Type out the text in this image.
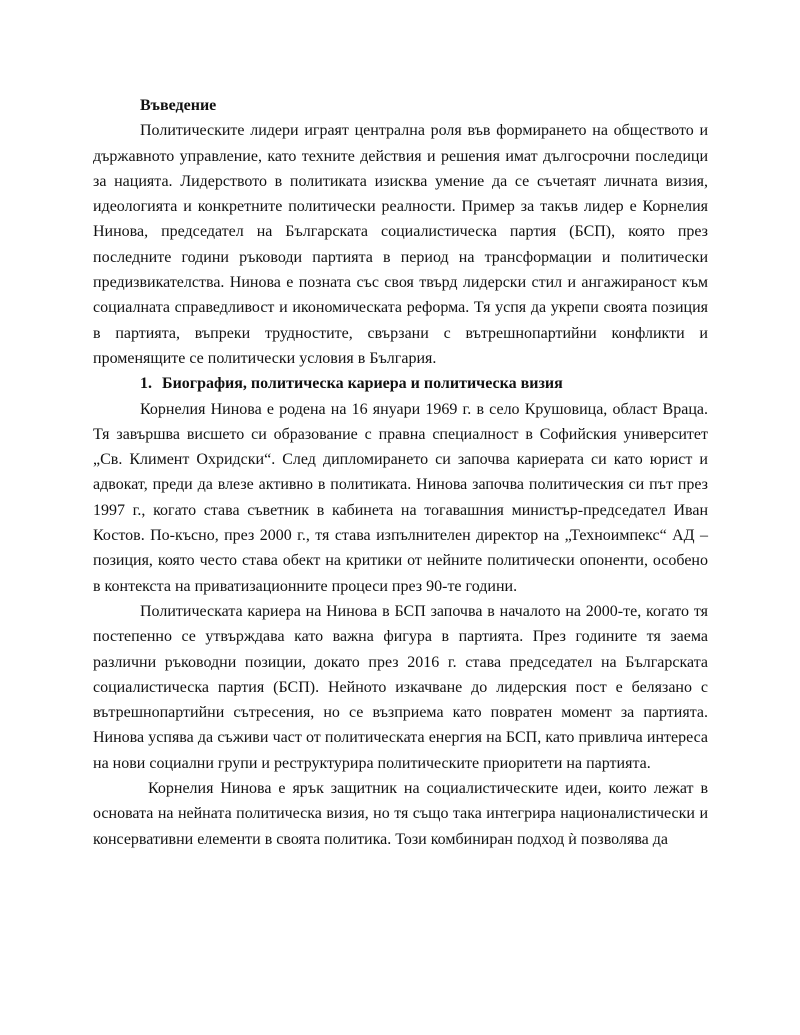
Въведение

Политическите лидери играят централна роля във формирането на обществото и държавното управление, като техните действия и решения имат дългосрочни последици за нацията. Лидерството в политиката изисква умение да се съчетаят личната визия, идеологията и конкретните политически реалности. Пример за такъв лидер е Корнелия Нинова, председател на Българската социалистическа партия (БСП), която през последните години ръководи партията в период на трансформации и политически предизвикателства. Нинова е позната със своя твърд лидерски стил и ангажираност към социалната справедливост и икономическата реформа. Тя успя да укрепи своята позиция в партията, въпреки трудностите, свързани с вътрешнопартийни конфликти и променящите се политически условия в България.

1. Биография, политическа кариера и политическа визия

Корнелия Нинова е родена на 16 януари 1969 г. в село Крушовица, област Враца. Тя завършва висшето си образование с правна специалност в Софийския университет „Св. Климент Охридски“. След дипломирането си започва кариерата си като юрист и адвокат, преди да влезе активно в политиката. Нинова започва политическия си път през 1997 г., когато става съветник в кабинета на тогавашния министър-председател Иван Костов. По-късно, през 2000 г., тя става изпълнителен директор на „Техноимпекс“ АД – позиция, която често става обект на критики от нейните политически опоненти, особено в контекста на приватизационните процеси през 90-те години.

Политическата кариера на Нинова в БСП започва в началото на 2000-те, когато тя постепенно се утвърждава като важна фигура в партията. През годините тя заема различни ръководни позиции, докато през 2016 г. става председател на Българската социалистическа партия (БСП). Нейното изкачване до лидерския пост е белязано с вътрешнопартийни сътресения, но се възприема като повратен момент за партията. Нинова успява да съживи част от политическата енергия на БСП, като привлича интереса на нови социални групи и реструктурира политическите приоритети на партията.

Корнелия Нинова е ярък защитник на социалистическите идеи, които лежат в основата на нейната политическа визия, но тя също така интегрира националистически и консервативни елементи в своята политика. Този комбиниран подход ѝ позволява да
